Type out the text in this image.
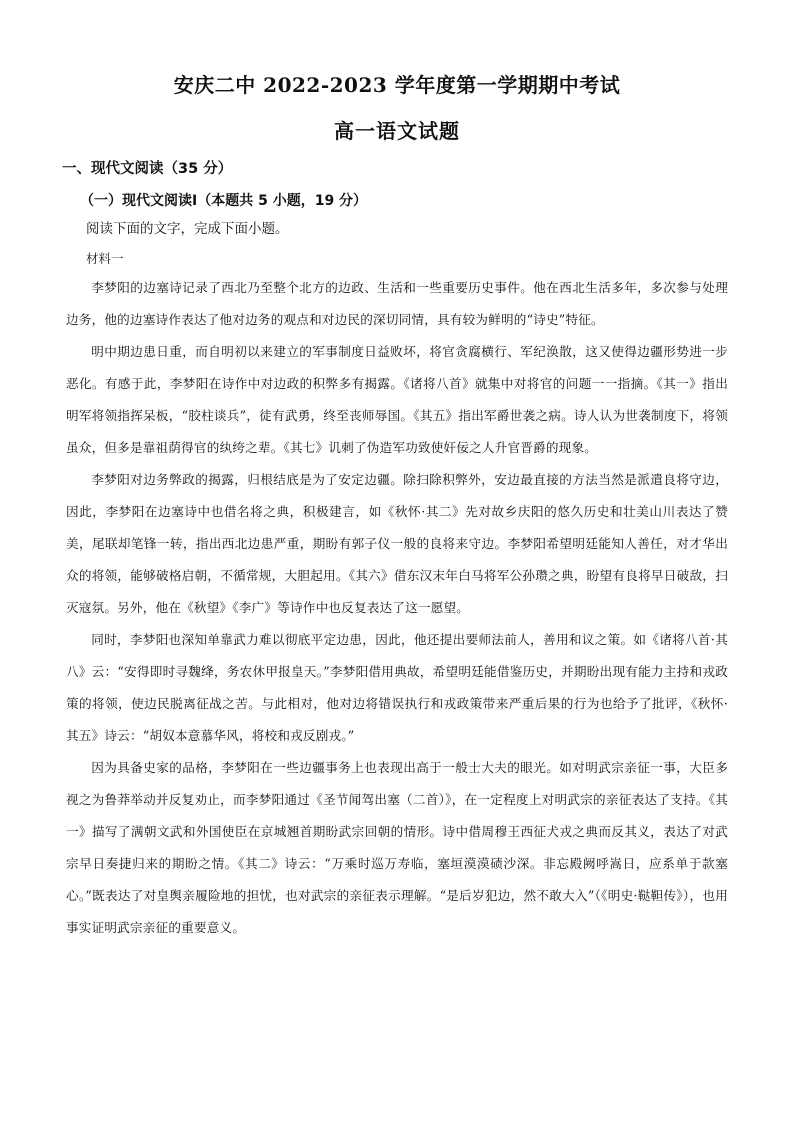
安庆二中 2022-2023 学年度第一学期期中考试
高一语文试题
一、现代文阅读（35 分）
（一）现代文阅读Ⅰ（本题共 5 小题，19 分）
阅读下面的文字，完成下面小题。
材料一

李梦阳的边塞诗记录了西北乃至整个北方的边政、生活和一些重要历史事件。他在西北生活多年，多次参与处理边务，他的边塞诗作表达了他对边务的观点和对边民的深切同情，具有较为鲜明的“诗史”特征。

明中期边患日重，而自明初以来建立的军事制度日益败坏，将官贪腐横行、军纪涣散，这又使得边疆形势进一步恶化。有感于此，李梦阳在诗作中对边政的积弊多有揭露。《诸将八首》就集中对将官的问题一一指摘。《其一》指出明军将领指挥呆板，“胶柱谈兵”，徒有武勇，终至丧师辱国。《其五》指出军爵世袭之病。诗人认为世袭制度下，将领虽众，但多是靠祖荫得官的纨绔之辈。《其七》讥刺了伪造军功致使奸佞之人升官晋爵的现象。

李梦阳对边务弊政的揭露，归根结底是为了安定边疆。除扫除积弊外，安边最直接的方法当然是派遣良将守边，因此，李梦阳在边塞诗中也借名将之典，积极建言，如《秋怀·其二》先对故乡庆阳的悠久历史和壮美山川表达了赞美，尾联却笔锋一转，指出西北边患严重，期盼有郭子仪一般的良将来守边。李梦阳希望明廷能知人善任，对才华出众的将领，能够破格启朝，不循常规，大胆起用。《其六》借东汉末年白马将军公孙瓒之典，盼望有良将早日破敌，扫灭寇氛。另外，他在《秋望》《李广》等诗作中也反复表达了这一愿望。

同时，李梦阳也深知单靠武力难以彻底平定边患，因此，他还提出要师法前人，善用和议之策。如《诸将八首·其八》云：“安得即时寻魏绛，务农休甲报皇天。”李梦阳借用典故，希望明廷能借鉴历史，并期盼出现有能力主持和戎政策的将领，使边民脱离征战之苦。与此相对，他对边将错误执行和戎政策带来严重后果的行为也给予了批评，《秋怀·其五》诗云：“胡奴本意慕华风，将校和戎反剧戎。”

因为具备史家的品格，李梦阳在一些边疆事务上也表现出高于一般士大夫的眼光。如对明武宗亲征一事，大臣多视之为鲁莽举动并反复劝止，而李梦阳通过《圣节闻驾出塞（二首）》，在一定程度上对明武宗的亲征表达了支持。《其一》描写了满朝文武和外国使臣在京城翘首期盼武宗回朝的情形。诗中借周穆王西征犬戎之典而反其义，表达了对武宗早日奏捷归来的期盼之情。《其二》诗云：“万乘时巡万寿临，塞垣漠漠碛沙深。非忘殿阙呼嵩日，应系单于款塞心。”既表达了对皇舆亲履险地的担忧，也对武宗的亲征表示理解。“是后岁犯边，然不敢大入”（《明史·鞑靼传》），也用事实证明武宗亲征的重要意义。
